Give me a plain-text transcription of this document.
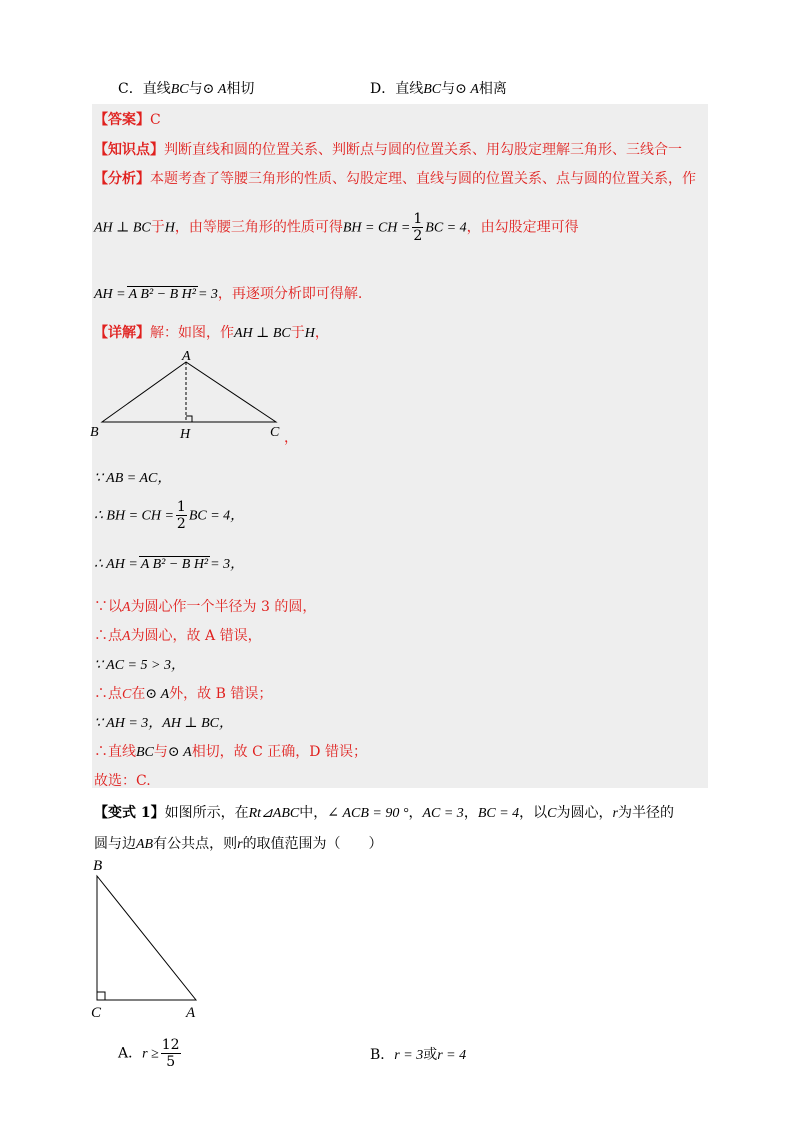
C．直线BC与⊙ A相切	D．直线BC与⊙ A相离
【答案】C
【知识点】判断直线和圆的位置关系、判断点与圆的位置关系、用勾股定理解三角形、三线合一
【分析】本题考查了等腰三角形的性质、勾股定理、直线与圆的位置关系、点与圆的位置关系，作
AH ⊥ BC于H，由等腰三角形的性质可得BH = CH = $\frac{1}{2}$ BC = 4，由勾股定理可得
AH = A B² − B H² = 3，再逐项分析即可得解.
【详解】解：如图，作AH ⊥ BC于H，
A
B	H	C ，
∵ AB = AC，
∴ BH = CH = $\frac{1}{2}$ BC = 4，
∴ AH = A B² − B H² = 3，
∵以A为圆心作一个半径为 3 的圆，
∴点A为圆心，故 A 错误，
∵ AC = 5 > 3，
∴点C在⊙ A外，故 B 错误；
∵ AH = 3，AH ⊥ BC，
∴直线BC与⊙ A相切，故 C 正确，D 错误；
故选：C.
【变式 1】如图所示，在Rt⊿ABC中，∠ ACB = 90 °，AC = 3，BC = 4，以C为圆心，r为半径的
圆与边AB有公共点，则r的取值范围为（　　）
B
C	A
A．$r \ge \frac{12}{5}$	B．r = 3或r = 4
